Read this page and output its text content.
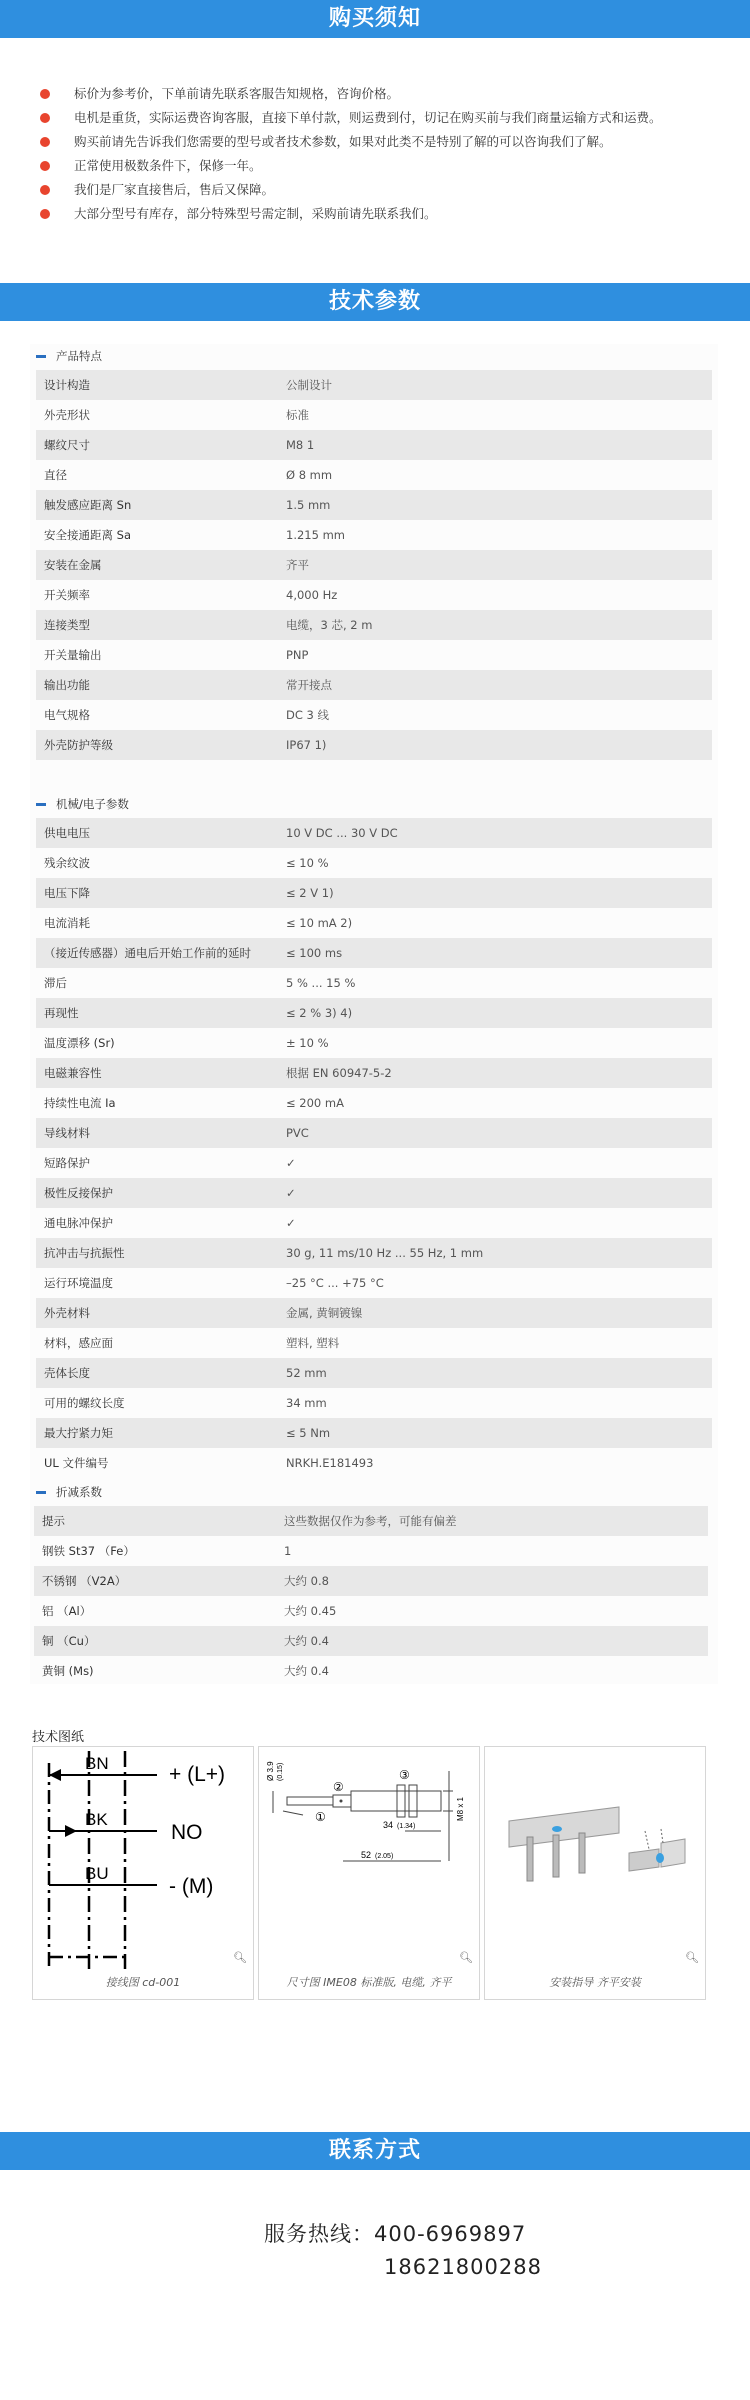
购买须知
标价为参考价，下单前请先联系客服告知规格，咨询价格。
电机是重货，实际运费咨询客服，直接下单付款，则运费到付，切记在购买前与我们商量运输方式和运费。
购买前请先告诉我们您需要的型号或者技术参数，如果对此类不是特别了解的可以咨询我们了解。
正常使用极数条件下，保修一年。
我们是厂家直接售后，售后又保障。
大部分型号有库存，部分特殊型号需定制，采购前请先联系我们。
技术参数
产品特点
设计构造	公制设计
外壳形状	标准
螺纹尺寸	M8 1
直径	Ø 8 mm
触发感应距离 Sn	1.5 mm
安全接通距离 Sa	1.215 mm
安装在金属	齐平
开关频率	4,000 Hz
连接类型	电缆，3 芯, 2 m
开关量输出	PNP
输出功能	常开接点
电气规格	DC 3 线
外壳防护等级	IP67 1)
机械/电子参数
供电电压	10 V DC ... 30 V DC
残余纹波	≤ 10 %
电压下降	≤ 2 V 1)
电流消耗	≤ 10 mA 2)
（接近传感器）通电后开始工作前的延时	≤ 100 ms
滞后	5 % ... 15 %
再现性	≤ 2 % 3) 4)
温度漂移 (Sr)	± 10 %
电磁兼容性	根据 EN 60947-5-2
持续性电流 Ia	≤ 200 mA
导线材料	PVC
短路保护	✓
极性反接保护	✓
通电脉冲保护	✓
抗冲击与抗振性	30 g, 11 ms/10 Hz ... 55 Hz, 1 mm
运行环境温度	–25 °C ... +75 °C
外壳材料	金属, 黄铜镀镍
材料，感应面	塑料, 塑料
壳体长度	52 mm
可用的螺纹长度	34 mm
最大拧紧力矩	≤ 5 Nm
UL 文件编号	NRKH.E181493
折减系数
提示	这些数据仅作为参考，可能有偏差
钢铁 St37 （Fe）	1
不锈钢 （V2A）	大约 0.8
铝 （Al）	大约 0.45
铜 （Cu）	大约 0.4
黄铜 (Ms)	大约 0.4
技术图纸
BN
BK
BU
+ (L+)
NO
- (M)
🔍︎
接线图 cd-001
Ø 3.9 (0.15)
①
②
③
34 (1.34)
52 (2.05)
M8 x 1
🔍︎
尺寸图 IME08 标准版, 电缆, 齐平
🔍︎
安装指导 齐平安装
联系方式
服务热线：400-6969897
18621800288
